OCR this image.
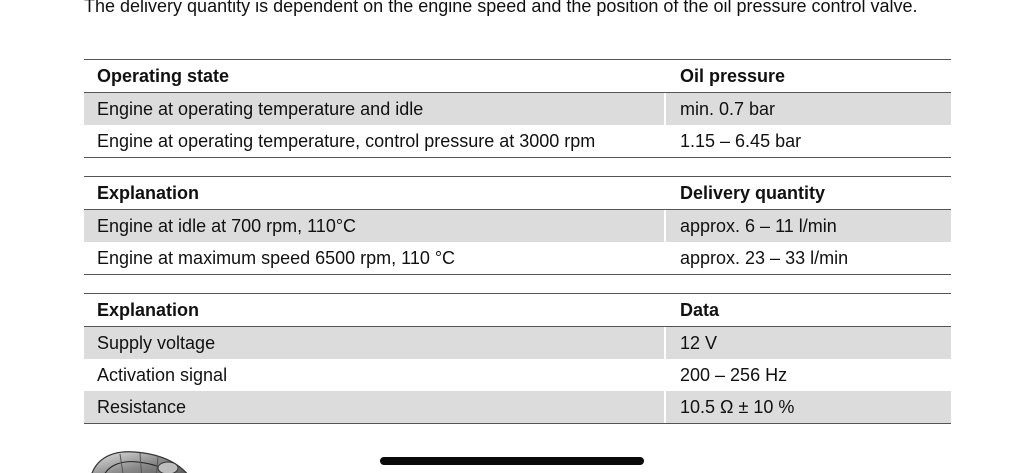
The delivery quantity is dependent on the engine speed and the position of the oil pressure control valve.
Operating state	Oil pressure
Engine at operating temperature and idle	min. 0.7 bar
Engine at operating temperature, control pressure at 3000 rpm	1.15 – 6.45 bar
Explanation	Delivery quantity
Engine at idle at 700 rpm, 110°C	approx. 6 – 11 l/min
Engine at maximum speed 6500 rpm, 110 °C	approx. 23 – 33 l/min
Explanation	Data
Supply voltage	12 V
Activation signal	200 – 256 Hz
Resistance	10.5 Ω ± 10 %
